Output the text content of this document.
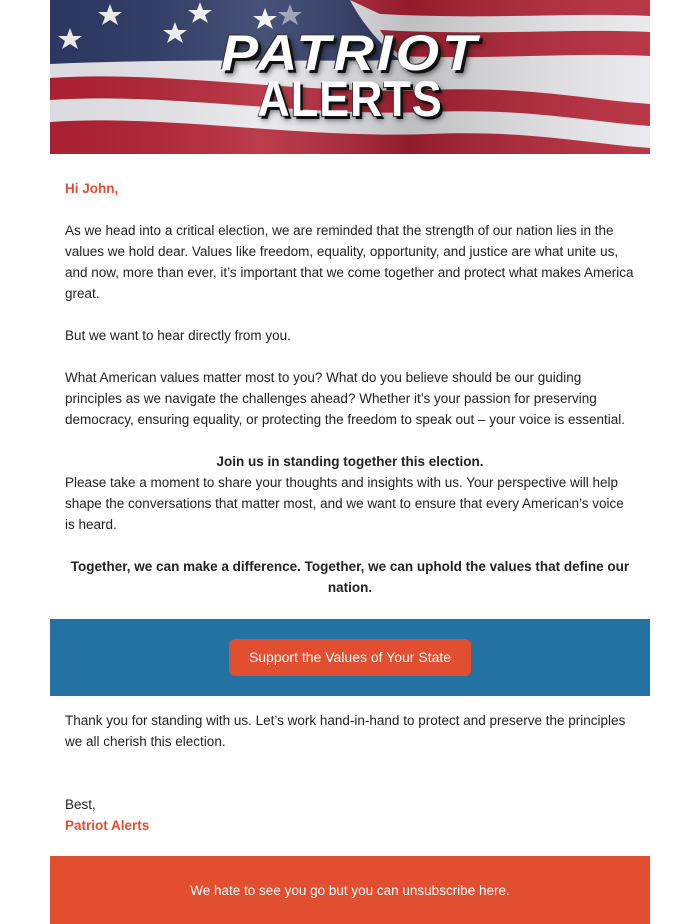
PATRIOT
ALERTS
Hi John,

As we head into a critical election, we are reminded that the strength of our nation lies in the values we hold dear. Values like freedom, equality, opportunity, and justice are what unite us, and now, more than ever, it’s important that we come together and protect what makes America great.

But we want to hear directly from you.

What American values matter most to you? What do you believe should be our guiding principles as we navigate the challenges ahead? Whether it’s your passion for preserving democracy, ensuring equality, or protecting the freedom to speak out – your voice is essential.

Join us in standing together this election.

Please take a moment to share your thoughts and insights with us. Your perspective will help shape the conversations that matter most, and we want to ensure that every American’s voice is heard.

Together, we can make a difference. Together, we can uphold the values that define our nation.

Support the Values of Your State

Thank you for standing with us. Let’s work hand-in-hand to protect and preserve the principles we all cherish this election.

Best,
Patriot Alerts
We hate to see you go but you can unsubscribe here.
